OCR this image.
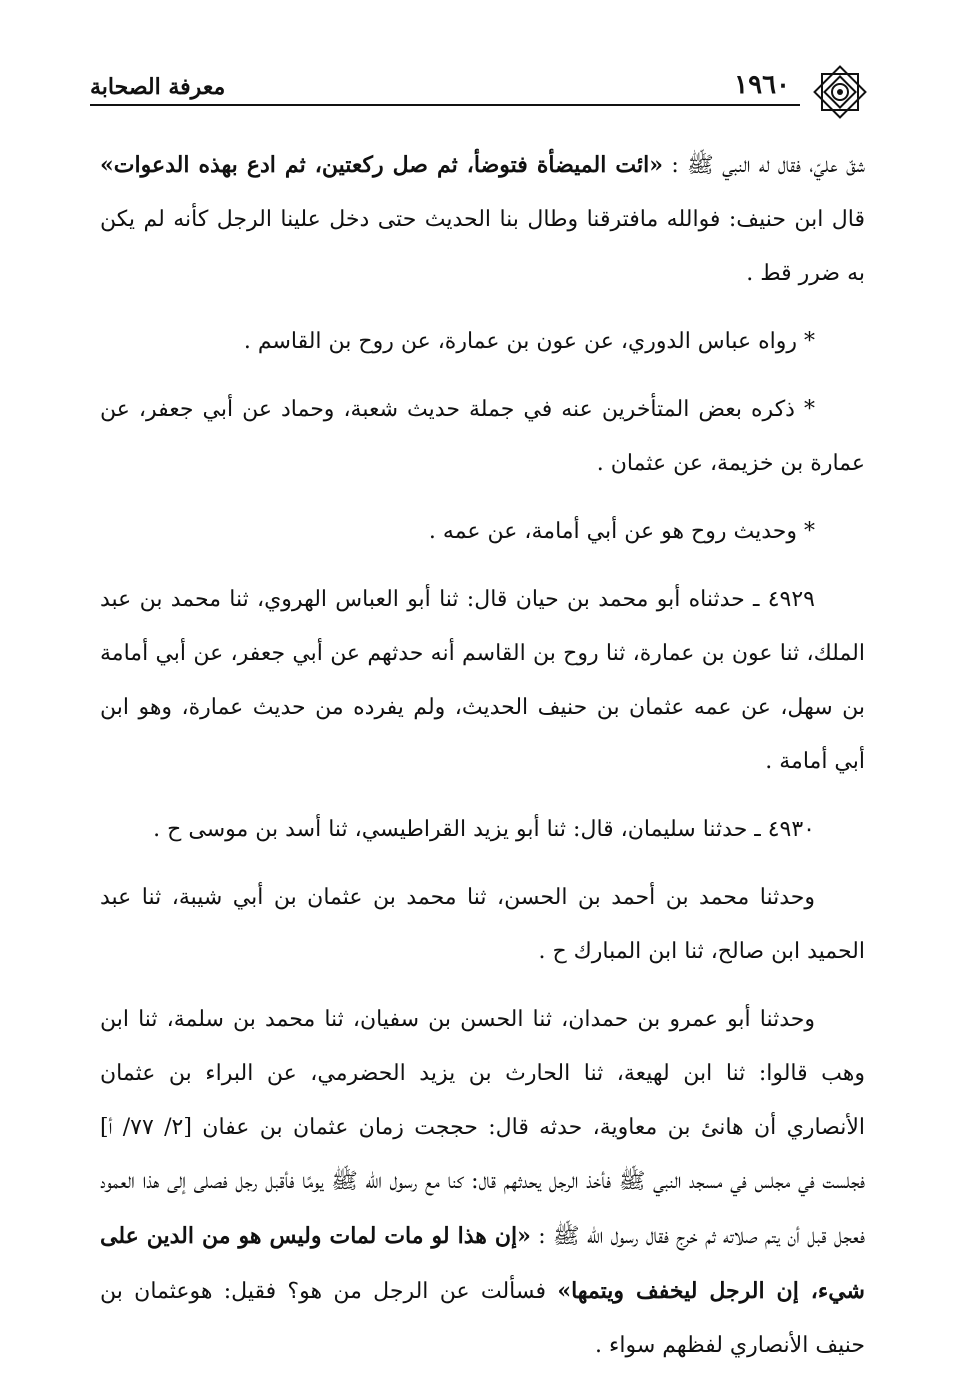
١٩٦٠
معرفة الصحابة

شقّ عليّ، فقال له النبي ﷺ : «ائت الميضأة فتوضأ، ثم صل ركعتين، ثم ادع بهذه الدعوات» قال ابن حنيف: فوالله مافترقنا وطال بنا الحديث حتى دخل علينا الرجل كأنه لم يكن به ضرر قط .

* رواه عباس الدوري، عن عون بن عمارة، عن روح بن القاسم .

* ذكره بعض المتأخرين عنه في جملة حديث شعبة، وحماد عن أبي جعفر، عن عمارة بن خزيمة، عن عثمان .

* وحديث روح هو عن أبي أمامة، عن عمه .

٤٩٢٩ ـ حدثناه أبو محمد بن حيان قال: ثنا أبو العباس الهروي، ثنا محمد بن عبد الملك، ثنا عون بن عمارة، ثنا روح بن القاسم أنه حدثهم عن أبي جعفر، عن أبي أمامة بن سهل، عن عمه عثمان بن حنيف الحديث، ولم يفرده من حديث عمارة، وهو ابن أبي أمامة .

٤٩٣٠ ـ حدثنا سليمان، قال: ثنا أبو يزيد القراطيسي، ثنا أسد بن موسى ح .

وحدثنا محمد بن أحمد بن الحسن، ثنا محمد بن عثمان بن أبي شيبة، ثنا عبد الحميد ابن صالح، ثنا ابن المبارك ح .

وحدثنا أبو عمرو بن حمدان، ثنا الحسن بن سفيان، ثنا محمد بن سلمة، ثنا ابن وهب قالوا: ثنا ابن لهيعة، ثنا الحارث بن يزيد الحضرمي، عن البراء بن عثمان الأنصاري أن هانئ بن معاوية، حدثه قال: حججت زمان عثمان بن عفان [٢/ ٧٧/ أ] فجلست في مجلس في مسجد النبي ﷺ فأخذ الرجل يحدثهم قال: كنا مع رسول الله ﷺ يومًا فأقبل رجل فصلى إلى هذا العمود فعجل قبل أن يتم صلاته ثم خرج فقال رسول الله ﷺ : «إن هذا لو مات لمات وليس هو من الدين على شيء، إن الرجل ليخفف ويتمها» فسألت عن الرجل من هو؟ فقيل: هوعثمان بن حنيف الأنصاري لفظهم سواء .
